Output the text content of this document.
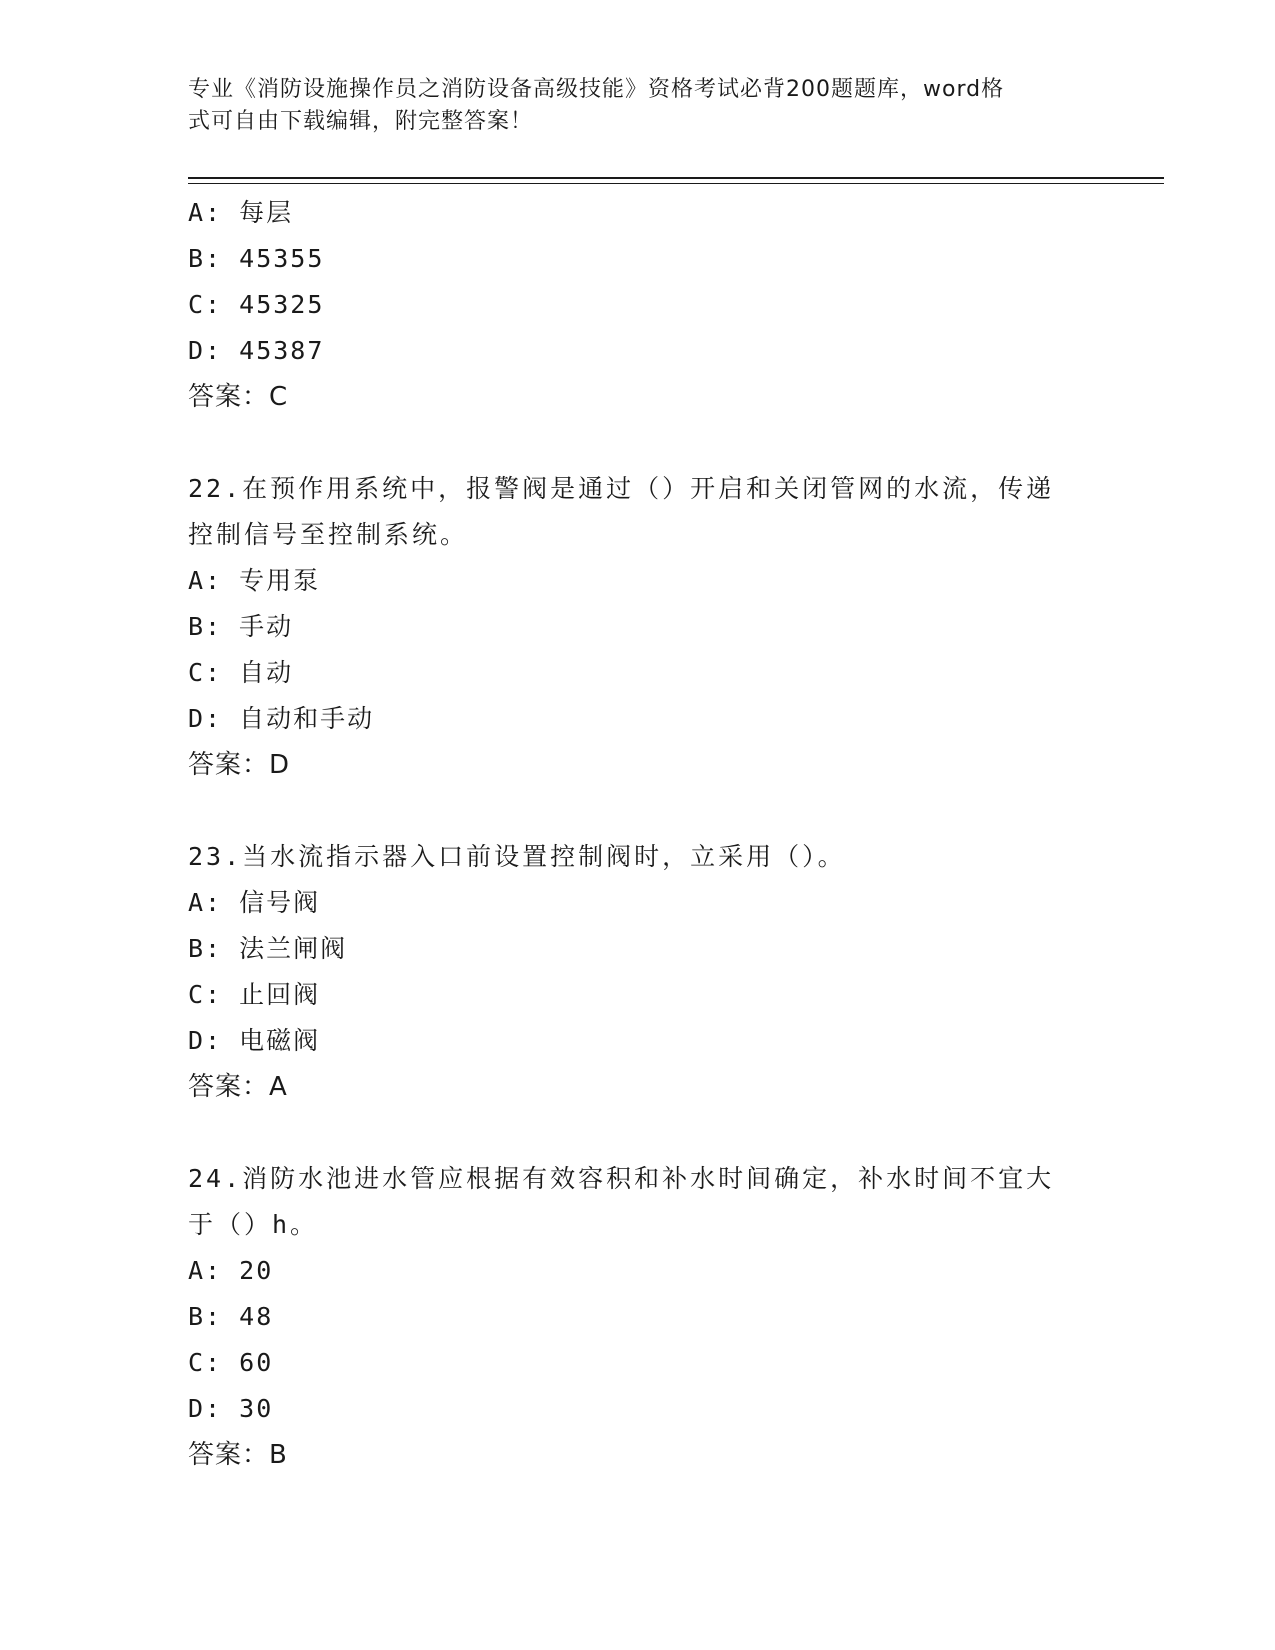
专业《消防设施操作员之消防设备高级技能》资格考试必背200题题库，word格
式可自由下载编辑，附完整答案！
A: 每层
B: 45355
C: 45325
D: 45387
答案：C
22.在预作用系统中，报警阀是通过（）开启和关闭管网的水流，传递
控制信号至控制系统。
A: 专用泵
B: 手动
C: 自动
D: 自动和手动
答案：D
23.当水流指示器入口前设置控制阀时，立采用（）。
A: 信号阀
B: 法兰闸阀
C: 止回阀
D: 电磁阀
答案：A
24.消防水池进水管应根据有效容积和补水时间确定，补水时间不宜大
于（）h。
A: 20
B: 48
C: 60
D: 30
答案：B
